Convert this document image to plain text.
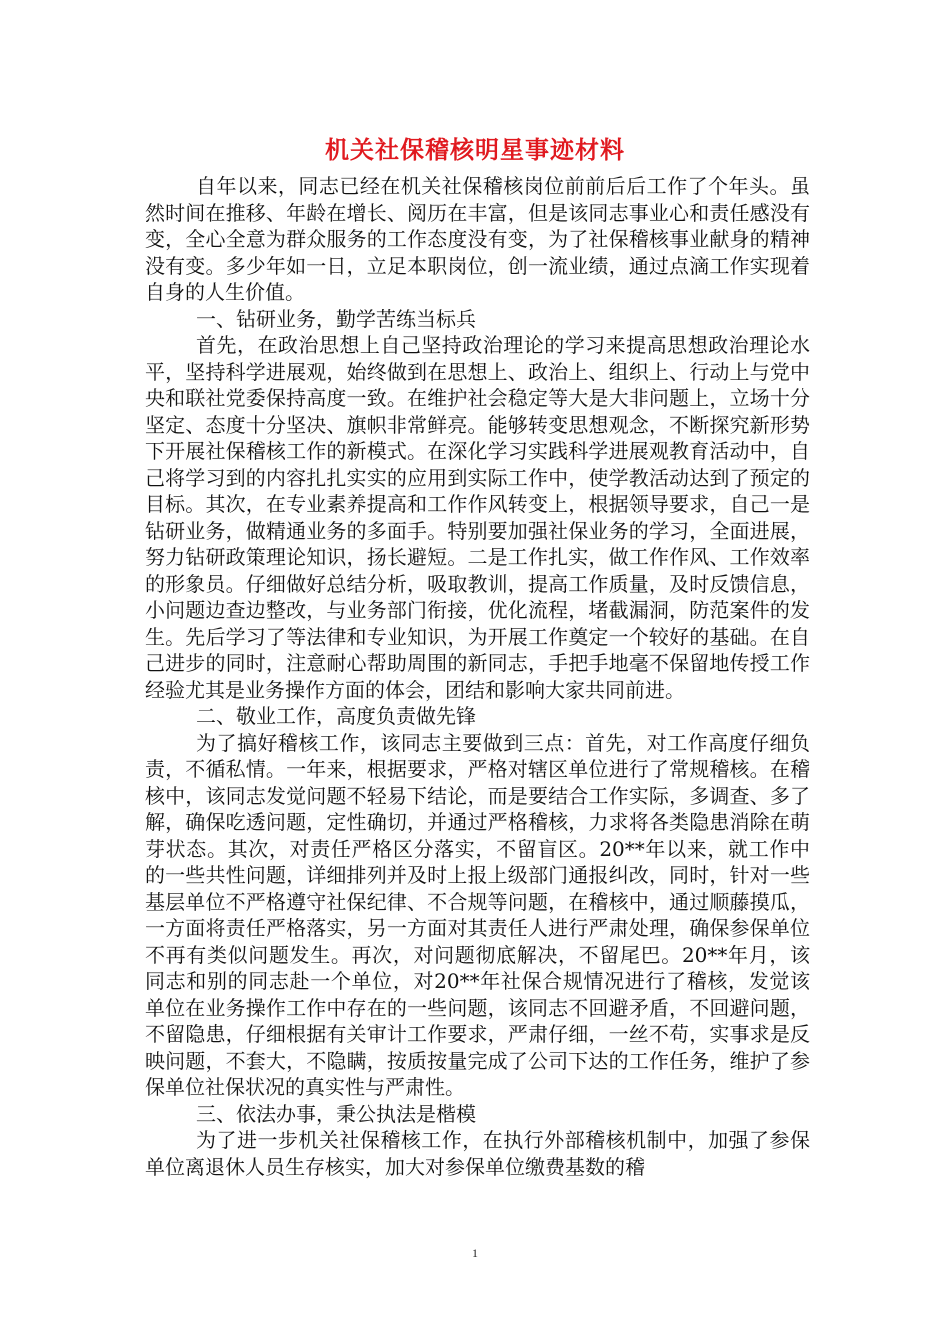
机关社保稽核明星事迹材料

自年以来，同志已经在机关社保稽核岗位前前后后工作了个年头。虽然时间在推移、年龄在增长、阅历在丰富，但是该同志事业心和责任感没有变，全心全意为群众服务的工作态度没有变，为了社保稽核事业献身的精神没有变。多少年如一日，立足本职岗位，创一流业绩，通过点滴工作实现着自身的人生价值。

一、钻研业务，勤学苦练当标兵

首先，在政治思想上自己坚持政治理论的学习来提高思想政治理论水平，坚持科学进展观，始终做到在思想上、政治上、组织上、行动上与党中央和联社党委保持高度一致。在维护社会稳定等大是大非问题上，立场十分坚定、态度十分坚决、旗帜非常鲜亮。能够转变思想观念，不断探究新形势下开展社保稽核工作的新模式。在深化学习实践科学进展观教育活动中，自己将学习到的内容扎扎实实的应用到实际工作中，使学教活动达到了预定的目标。其次，在专业素养提高和工作作风转变上，根据领导要求，自己一是钻研业务，做精通业务的多面手。特别要加强社保业务的学习，全面进展，努力钻研政策理论知识，扬长避短。二是工作扎实，做工作作风、工作效率的形象员。仔细做好总结分析，吸取教训，提高工作质量，及时反馈信息，小问题边查边整改，与业务部门衔接，优化流程，堵截漏洞，防范案件的发生。先后学习了等法律和专业知识，为开展工作奠定一个较好的基础。在自己进步的同时，注意耐心帮助周围的新同志，手把手地毫不保留地传授工作经验尤其是业务操作方面的体会，团结和影响大家共同前进。

二、敬业工作，高度负责做先锋

为了搞好稽核工作，该同志主要做到三点：首先，对工作高度仔细负责，不循私情。一年来，根据要求，严格对辖区单位进行了常规稽核。在稽核中，该同志发觉问题不轻易下结论，而是要结合工作实际，多调查、多了解，确保吃透问题，定性确切，并通过严格稽核，力求将各类隐患消除在萌芽状态。其次，对责任严格区分落实，不留盲区。20**年以来，就工作中的一些共性问题，详细排列并及时上报上级部门通报纠改，同时，针对一些基层单位不严格遵守社保纪律、不合规等问题，在稽核中，通过顺藤摸瓜，一方面将责任严格落实，另一方面对其责任人进行严肃处理，确保参保单位不再有类似问题发生。再次，对问题彻底解决，不留尾巴。20**年月，该同志和别的同志赴一个单位，对20**年社保合规情况进行了稽核，发觉该单位在业务操作工作中存在的一些问题，该同志不回避矛盾，不回避问题，不留隐患，仔细根据有关审计工作要求，严肃仔细，一丝不苟，实事求是反映问题，不套大，不隐瞒，按质按量完成了公司下达的工作任务，维护了参保单位社保状况的真实性与严肃性。

三、依法办事，秉公执法是楷模

为了进一步机关社保稽核工作，在执行外部稽核机制中，加强了参保单位离退休人员生存核实，加大对参保单位缴费基数的稽

1
